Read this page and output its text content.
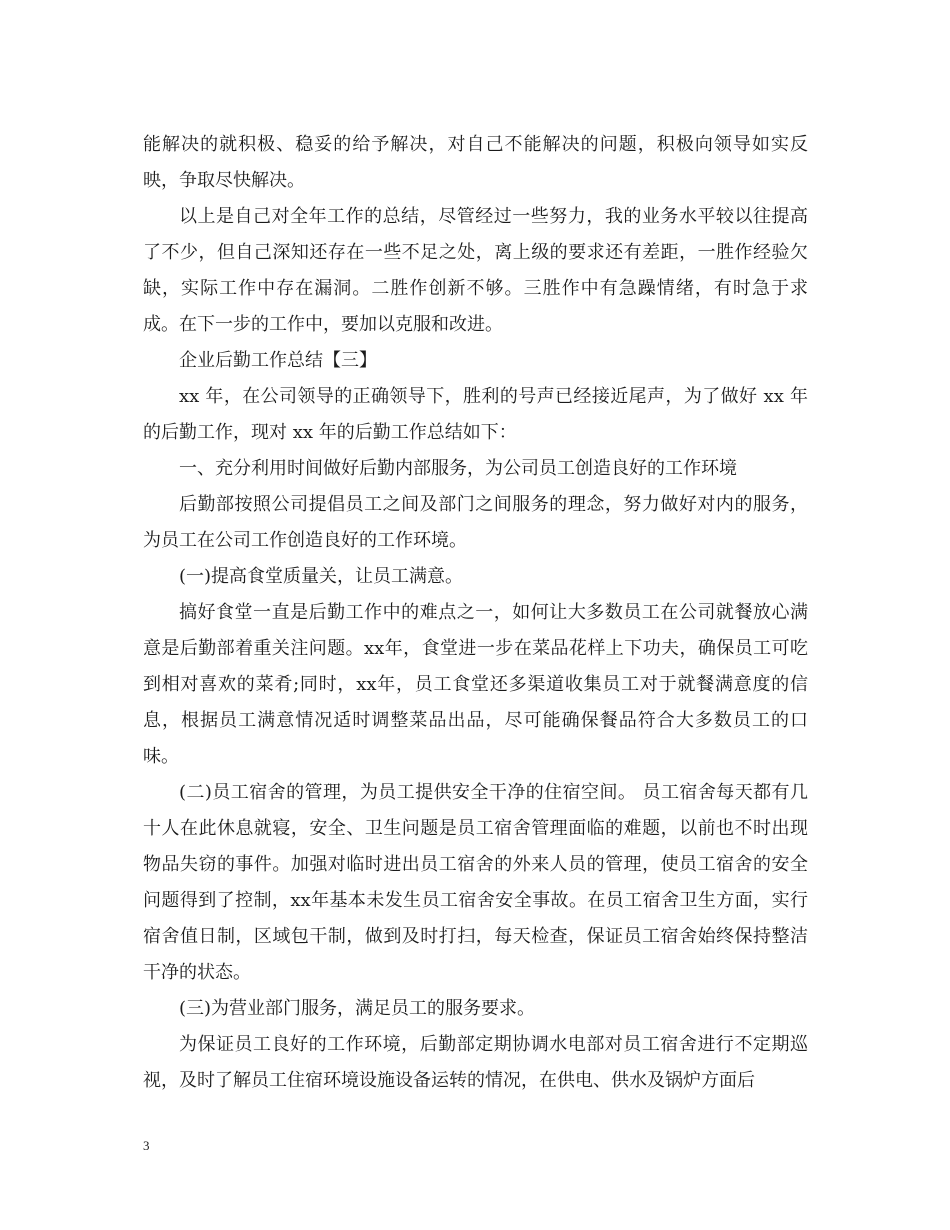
能解决的就积极、稳妥的给予解决，对自己不能解决的问题，积极向领导如实反映，争取尽快解决。

以上是自己对全年工作的总结，尽管经过一些努力，我的业务水平较以往提高了不少，但自己深知还存在一些不足之处，离上级的要求还有差距，一胜作经验欠缺，实际工作中存在漏洞。二胜作创新不够。三胜作中有急躁情绪，有时急于求成。在下一步的工作中，要加以克服和改进。

企业后勤工作总结【三】

xx 年，在公司领导的正确领导下，胜利的号声已经接近尾声，为了做好 xx 年的后勤工作，现对 xx 年的后勤工作总结如下：

一、充分利用时间做好后勤内部服务，为公司员工创造良好的工作环境

后勤部按照公司提倡员工之间及部门之间服务的理念，努力做好对内的服务，为员工在公司工作创造良好的工作环境。

(一)提高食堂质量关，让员工满意。

搞好食堂一直是后勤工作中的难点之一，如何让大多数员工在公司就餐放心满意是后勤部着重关注问题。xx年，食堂进一步在菜品花样上下功夫，确保员工可吃到相对喜欢的菜肴;同时，xx年，员工食堂还多渠道收集员工对于就餐满意度的信息，根据员工满意情况适时调整菜品出品，尽可能确保餐品符合大多数员工的口味。

(二)员工宿舍的管理，为员工提供安全干净的住宿空间。 员工宿舍每天都有几十人在此休息就寝，安全、卫生问题是员工宿舍管理面临的难题，以前也不时出现物品失窃的事件。加强对临时进出员工宿舍的外来人员的管理，使员工宿舍的安全问题得到了控制，xx年基本未发生员工宿舍安全事故。在员工宿舍卫生方面，实行宿舍值日制，区域包干制，做到及时打扫，每天检查，保证员工宿舍始终保持整洁干净的状态。

(三)为营业部门服务，满足员工的服务要求。

为保证员工良好的工作环境，后勤部定期协调水电部对员工宿舍进行不定期巡视，及时了解员工住宿环境设施设备运转的情况，在供电、供水及锅炉方面后

3
